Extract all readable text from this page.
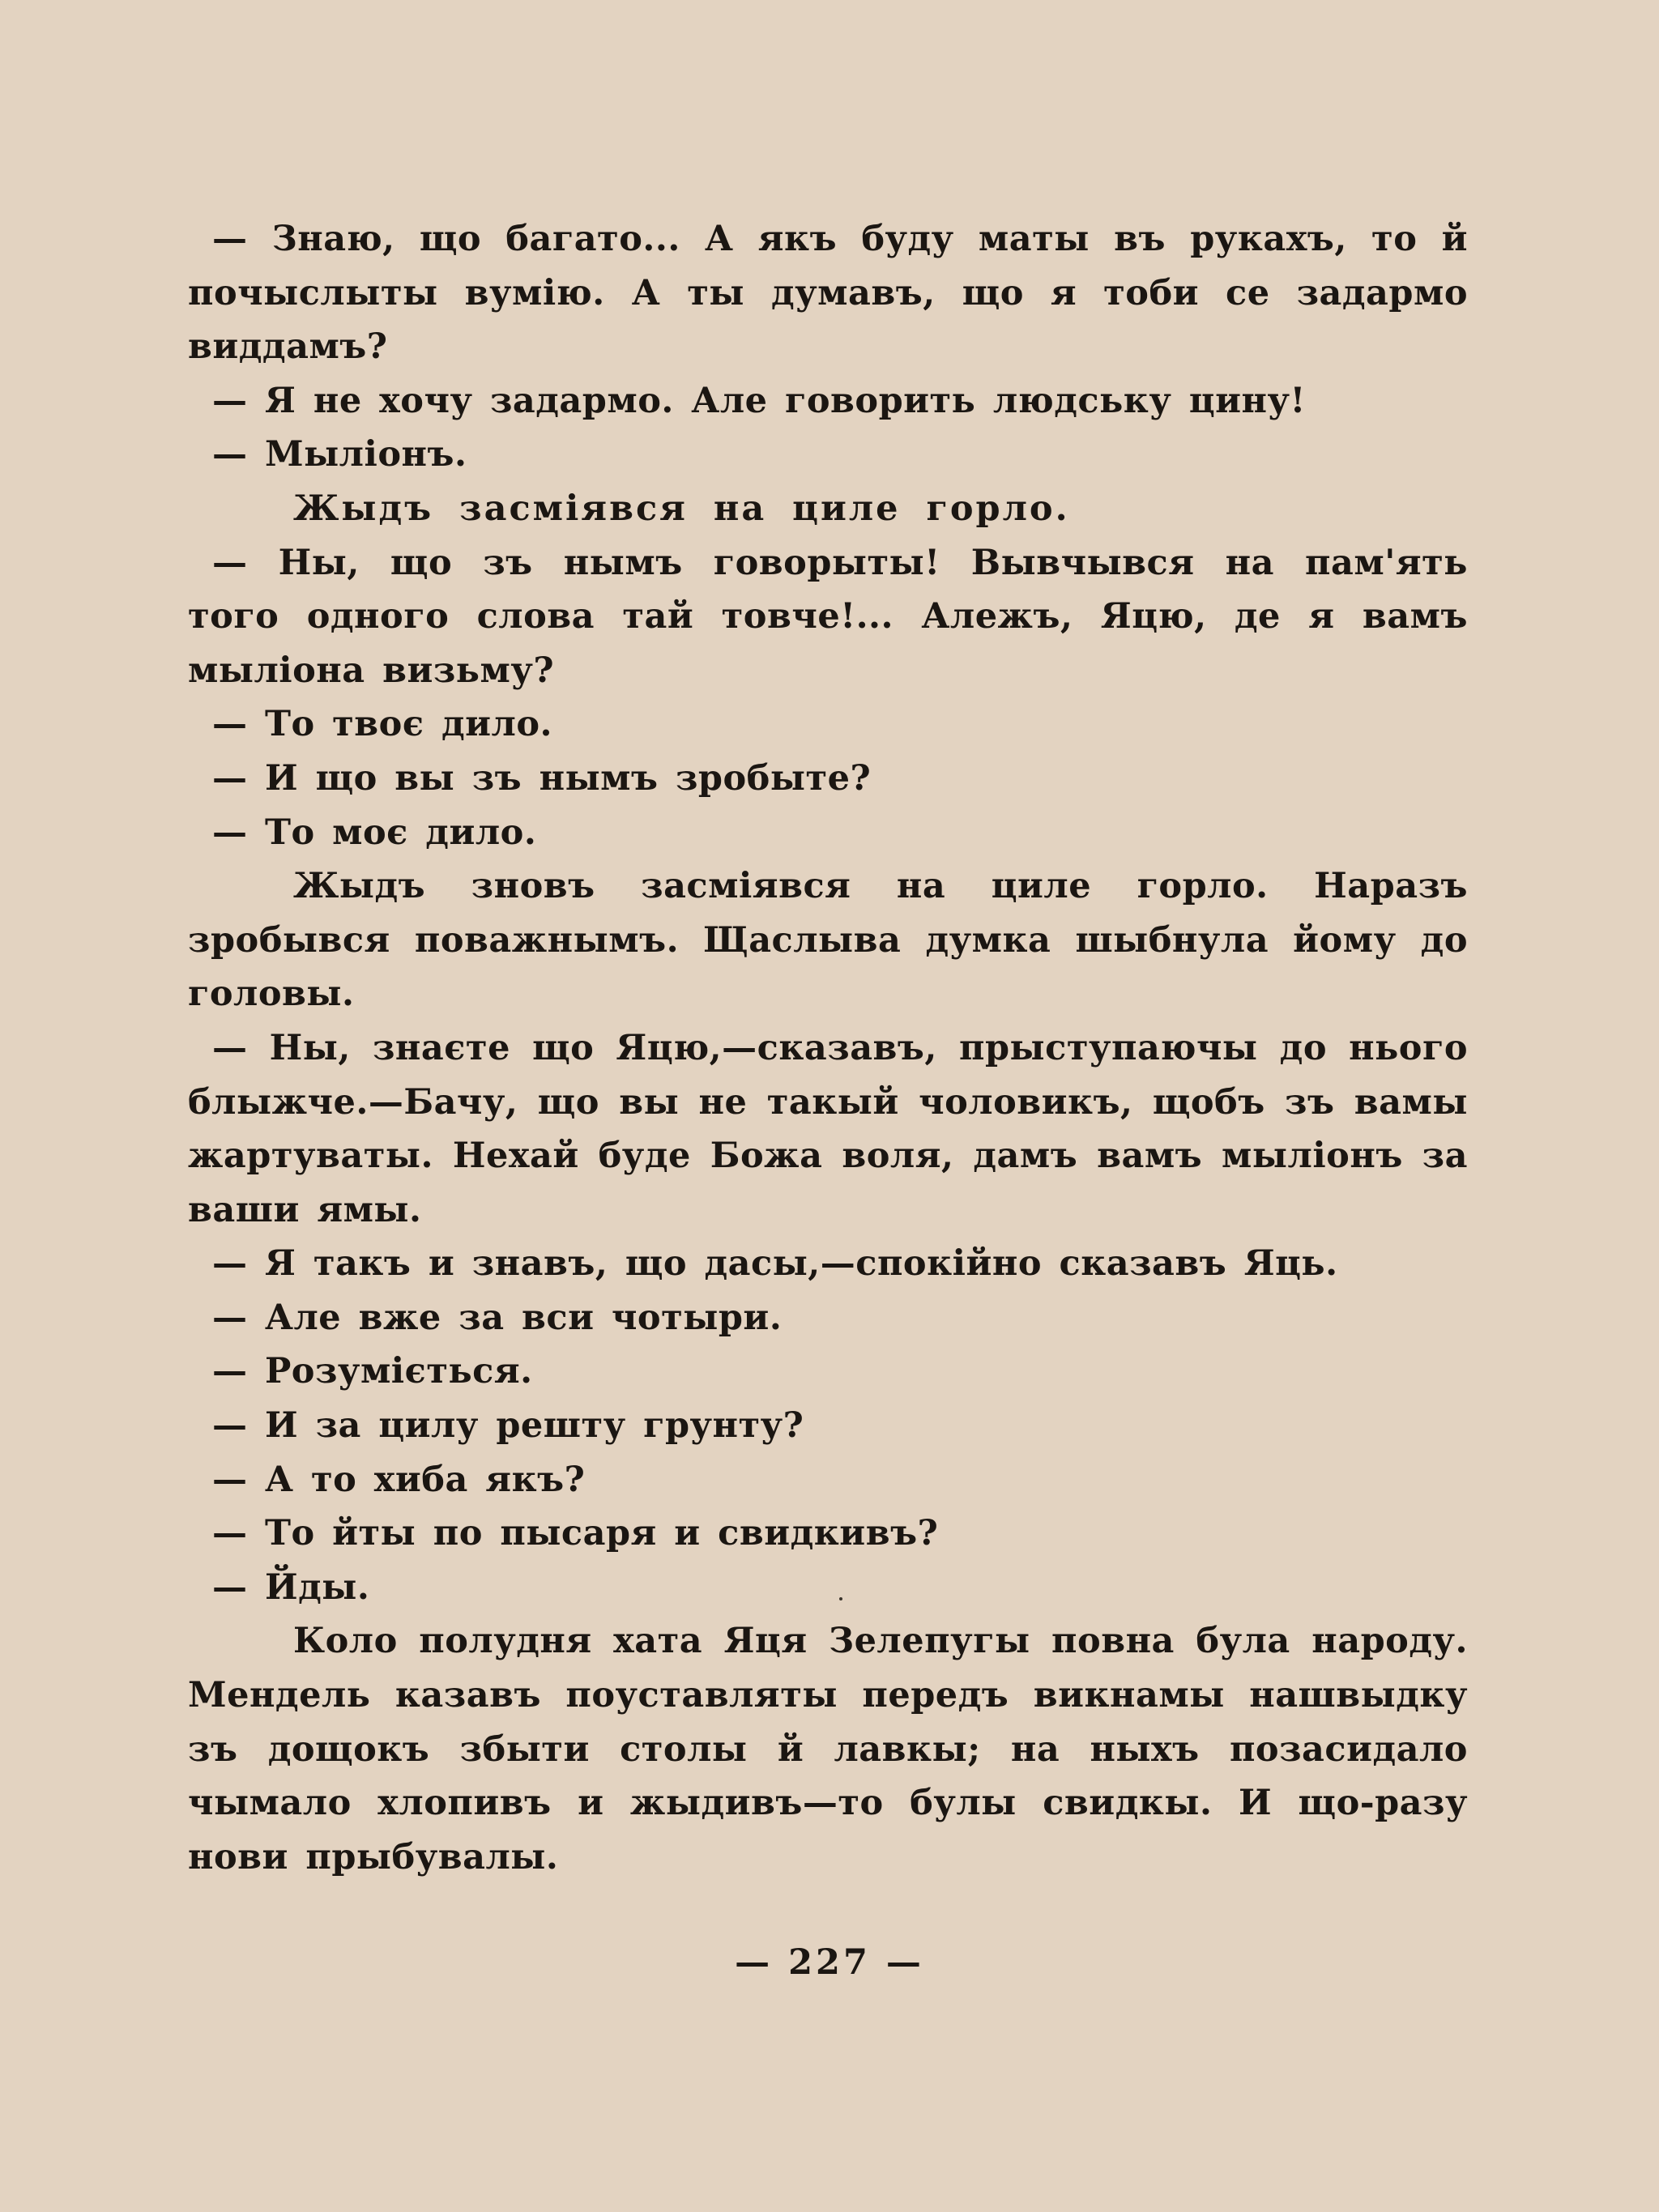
— Знаю, що багато... А якъ буду маты въ рукахъ, то й почыслыты вумію. А ты думавъ, що я тоби се задармо виддамъ?

— Я не хочу задармо. Але говорить людську цину!

— Мыліонъ.

Жыдъ засміявся на циле горло.

— Ны, що зъ нымъ говорыты! Вывчывся на пам'ять того одного слова тай товче!... Алежъ, Яцю, де я вамъ мыліона визьму?

— То твоє дило.

— И що вы зъ нымъ зробыте?

— То моє дило.

Жыдъ зновъ засміявся на циле горло. Наразъ зробывся поважнымъ. Щаслыва думка шыбнула йому до головы.

— Ны, знаєте що Яцю,—сказавъ, прыступаючы до нього блыжче.—Бачу, що вы не такый чоловикъ, щобъ зъ вамы жартуваты. Нехай буде Божа воля, дамъ вамъ мыліонъ за ваши ямы.

— Я такъ и знавъ, що дасы,—спокійно сказавъ Яць.

— Але вже за вси чотыри.

— Розуміється.

— И за цилу решту грунту?

— А то хиба якъ?

— То йты по пысаря и свидкивъ?

— Йды.

Коло полудня хата Яця Зелепугы повна була народу. Мендель казавъ поуставляты передъ викнамы нашвыдку зъ дощокъ збыти столы й лавкы; на ныхъ позасидало чымало хлопивъ и жыдивъ—то булы свидкы. И що-разу нови прыбувалы.

— 227 —
